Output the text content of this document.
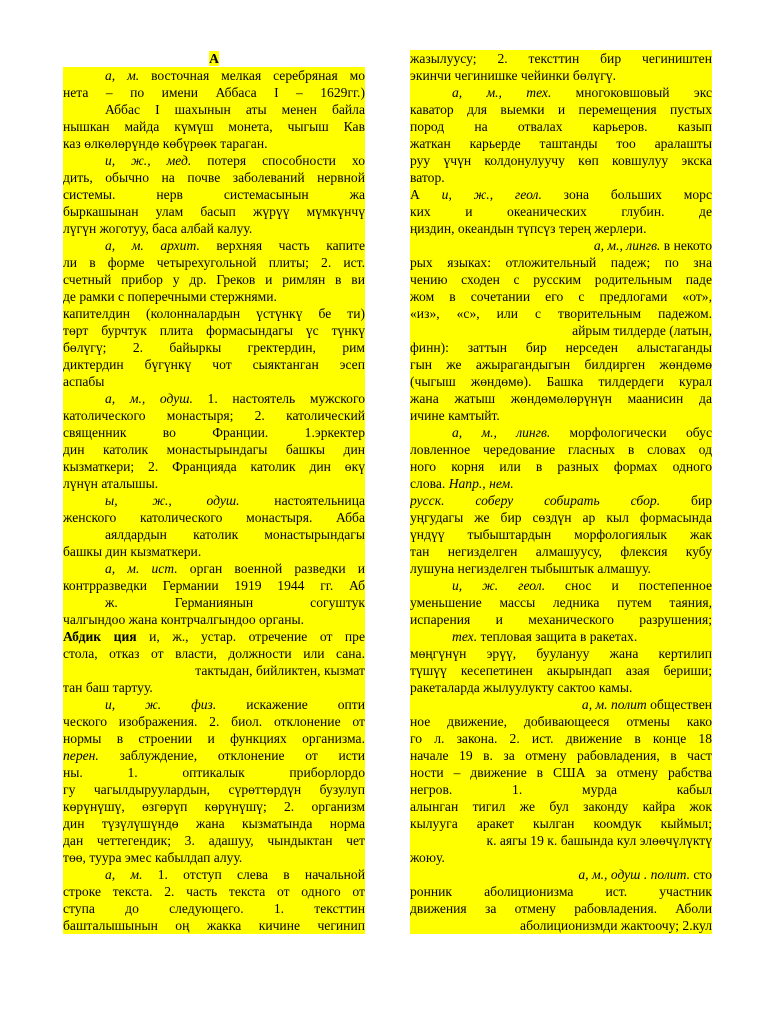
А
а, м. восточная мелкая серебряная мо
нета – по имени Аббаса I – 1629гг.)
Аббас I шахынын аты менен байла
нышкан майда күмүш монета, чыгыш Кав
каз өлкөлөрүндө көбүрөөк тараган.
и, ж., мед. потеря способности хо
дить, обычно на почве заболеваний нервной
системы. нерв системасынын жа
быркашынан улам басып жүрүү мүмкүнчү
лүгүн жоготуу, баса албай калуу.
а, м. архит. верхняя часть капите
ли в форме четырехугольной плиты; 2. ист.
счетный прибор у др. Греков и римлян в ви
де рамки с поперечными стержнями.
капителдин (колонналардын үстүнкү бе ти)
төрт бурчтук плита формасындагы үс түнкү
бөлүгү; 2. байыркы гректердин, рим
диктердин бүгүнкү чот сыяктанган эсеп
аспабы
а, м., одуш. 1. настоятель мужского
католического монастыря; 2. католический
священник во Франции. 1.эркектер
дин католик монастырындагы башкы дин
кызматкери; 2. Францияда католик дин өкү
лүнүн аталышы.
ы, ж., одуш. настоятельница
женского католического монастыря. Абба
аялдардын католик монастырындагы
башкы дин кызматкери.
а, м. ист. орган военной разведки и
контрразведки Германии 1919 1944 гг. Аб
ж. Германиянын согуштук
чалгындоо жана контрчалгындоо органы.
Абдик ция и, ж., устар. отречение от пре
стола, отказ от власти, должности или сана.
тактыдан, бийликтен, кызмат
тан баш тартуу.
и, ж. физ. искажение опти
ческого изображения. 2. биол. отклонение от
нормы в строении и функциях организма.
перен. заблуждение, отклонение от исти
ны. 1. оптикалык приборлордо
гу чагылдыруулардын, сүрөттөрдүн бузулуп
көрүнүшү, өзгөрүп көрүнүшү; 2. организм
дин түзүлүшүндө жана кызматында норма
дан четтегендик; 3. адашуу, чындыктан чет
төө, туура эмес кабылдап алуу.
а, м. 1. отступ слева в начальной
строке текста. 2. часть текста от одного от
ступа до следующего. 1. тексттин
башталышынын оң жакка кичине чегинип
жазылуусу; 2. тексттин бир чегиништен
экинчи чегинишке чейинки бөлүгү.
а, м., тех. многоковшовый экс
каватор для выемки и перемещения пустых
пород на отвалах карьеров. казып
жаткан карьерде таштанды тоо аралашты
руу үчүн колдонулуучу көп ковшулуу экска
ватор.
А и, ж., геол. зона больших морс
ких и океанических глубин. де
ңиздин, океандын түпсүз терең жерлери.
а, м., лингв. в некото
рых языках: отложительный падеж; по зна
чению сходен с русским родительным паде
жом в сочетании его с предлогами «от»,
«из», «с», или с творительным падежом.
айрым тилдерде (латын,
финн): заттын бир нерседен алыстаганды
гын же ажырагандыгын билдирген жөндөмө
(чыгыш жөндөмө). Башка тилдердеги курал
жана жатыш жөндөмөлөрүнүн маанисин да
ичине камтыйт.
а, м., лингв. морфологически обус
ловленное чередование гласных в словах од
ного корня или в разных формах одного
слова. Напр., нем.
русск. соберу собирать сбор. бир
уңгудагы же бир сөздүн ар кыл формасында
үндүү тыбыштардын морфологиялык жак
тан негизделген алмашуусу, флексия кубу
лушуна негизделген тыбыштык алмашуу.
и, ж. геол. снос и постепенное
уменьшение массы ледника путем таяния,
испарения и механического разрушения;
тех. тепловая защита в ракетах.
мөңгүнүн эрүү, буулануу жана кертилип
түшүү кесепетинен акырындап азая бериши;
ракеталарда жылуулукту сактоо камы.
а, м. полит общеcтвен
ное движение, добивающееся отмены како
го л. закона. 2. ист. движение в конце 18
начале 19 в. за отмену рабовладения, в част
ности – движение в США за отмену рабства
негров. 1. мурда кабыл
алынган тигил же бул законду кайра жок
кылууга аракет кылган коомдук кыймыл;
к. аягы 19 к. башында кул элөөчүлүктү
жоюу.
а, м., одуш . полит. сто
ронник аболиционизма ист. участник
движения за отмену рабовладения. Аболи
аболиционизмди жактоочу; 2.кул
